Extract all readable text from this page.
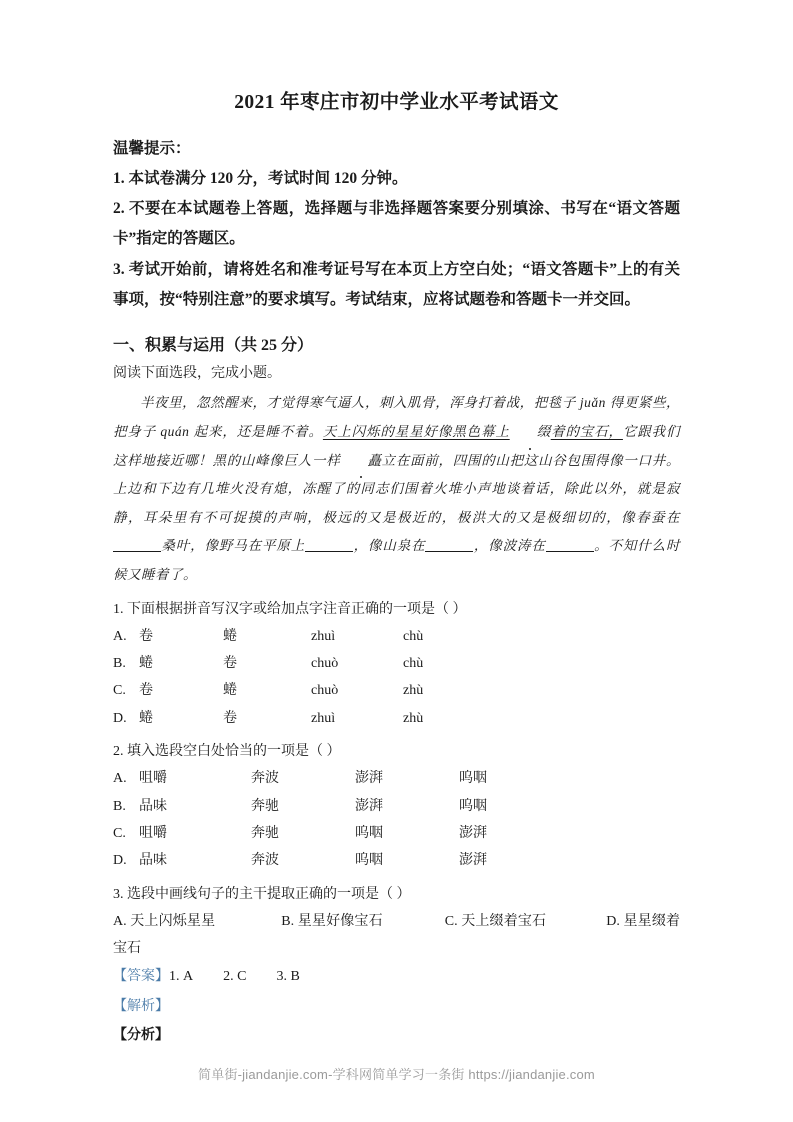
2021 年枣庄市初中学业水平考试语文

温馨提示：

1. 本试卷满分 120 分，考试时间 120 分钟。

2. 不要在本试题卷上答题，选择题与非选择题答案要分别填涂、书写在“语文答题卡”指定的答题区。

3. 考试开始前，请将姓名和准考证号写在本页上方空白处；“语文答题卡”上的有关事项，按“特别注意”的要求填写。考试结束，应将试题卷和答题卡一并交回。

一、积累与运用（共 25 分）

阅读下面选段，完成小题。

半夜里，忽然醒来，才觉得寒气逼人，刺入肌骨，浑身打着战，把毯子 juǎn 得更紧些，把身子 quán 起来，还是睡不着。天上闪烁的星星好像黑色幕上 缀着的宝石，它跟我们这样地接近哪！黑的山峰像巨人一样 矗立在面前，四围的山把这山谷包围得像一口井。上边和下边有几堆火没有熄，冻醒了的同志们围着火堆小声地谈着话，除此以外，就是寂静，耳朵里有不可捉摸的声响，极远的又是极近的，极洪大的又是极细切的，像春蚕在桑叶，像野马在平原上	，像山泉在	，像波涛在	。不知什么时候又睡着了。

1. 下面根据拼音写汉字或给加点字注音正确的一项是（ ）

A. 卷	蜷	zhuì	chù
B. 蜷	卷	chuò	chù
C. 卷	蜷	chuò	zhù
D. 蜷	卷	zhuì	zhù

2. 填入选段空白处恰当的一项是（ ）

A. 咀嚼	奔波	澎湃	呜咽
B. 品味	奔驰	澎湃	呜咽
C. 咀嚼	奔驰	呜咽	澎湃
D. 品味	奔波	呜咽	澎湃

3. 选段中画线句子的主干提取正确的一项是（ ）

A. 天上闪烁星星	B. 星星好像宝石	C. 天上缀着宝石	D. 星星缀着宝石

【答案】1. A 2. C 3. B

【解析】

【分析】

简单街-jiandanjie.com-学科网简单学习一条街 https://jiandanjie.com
